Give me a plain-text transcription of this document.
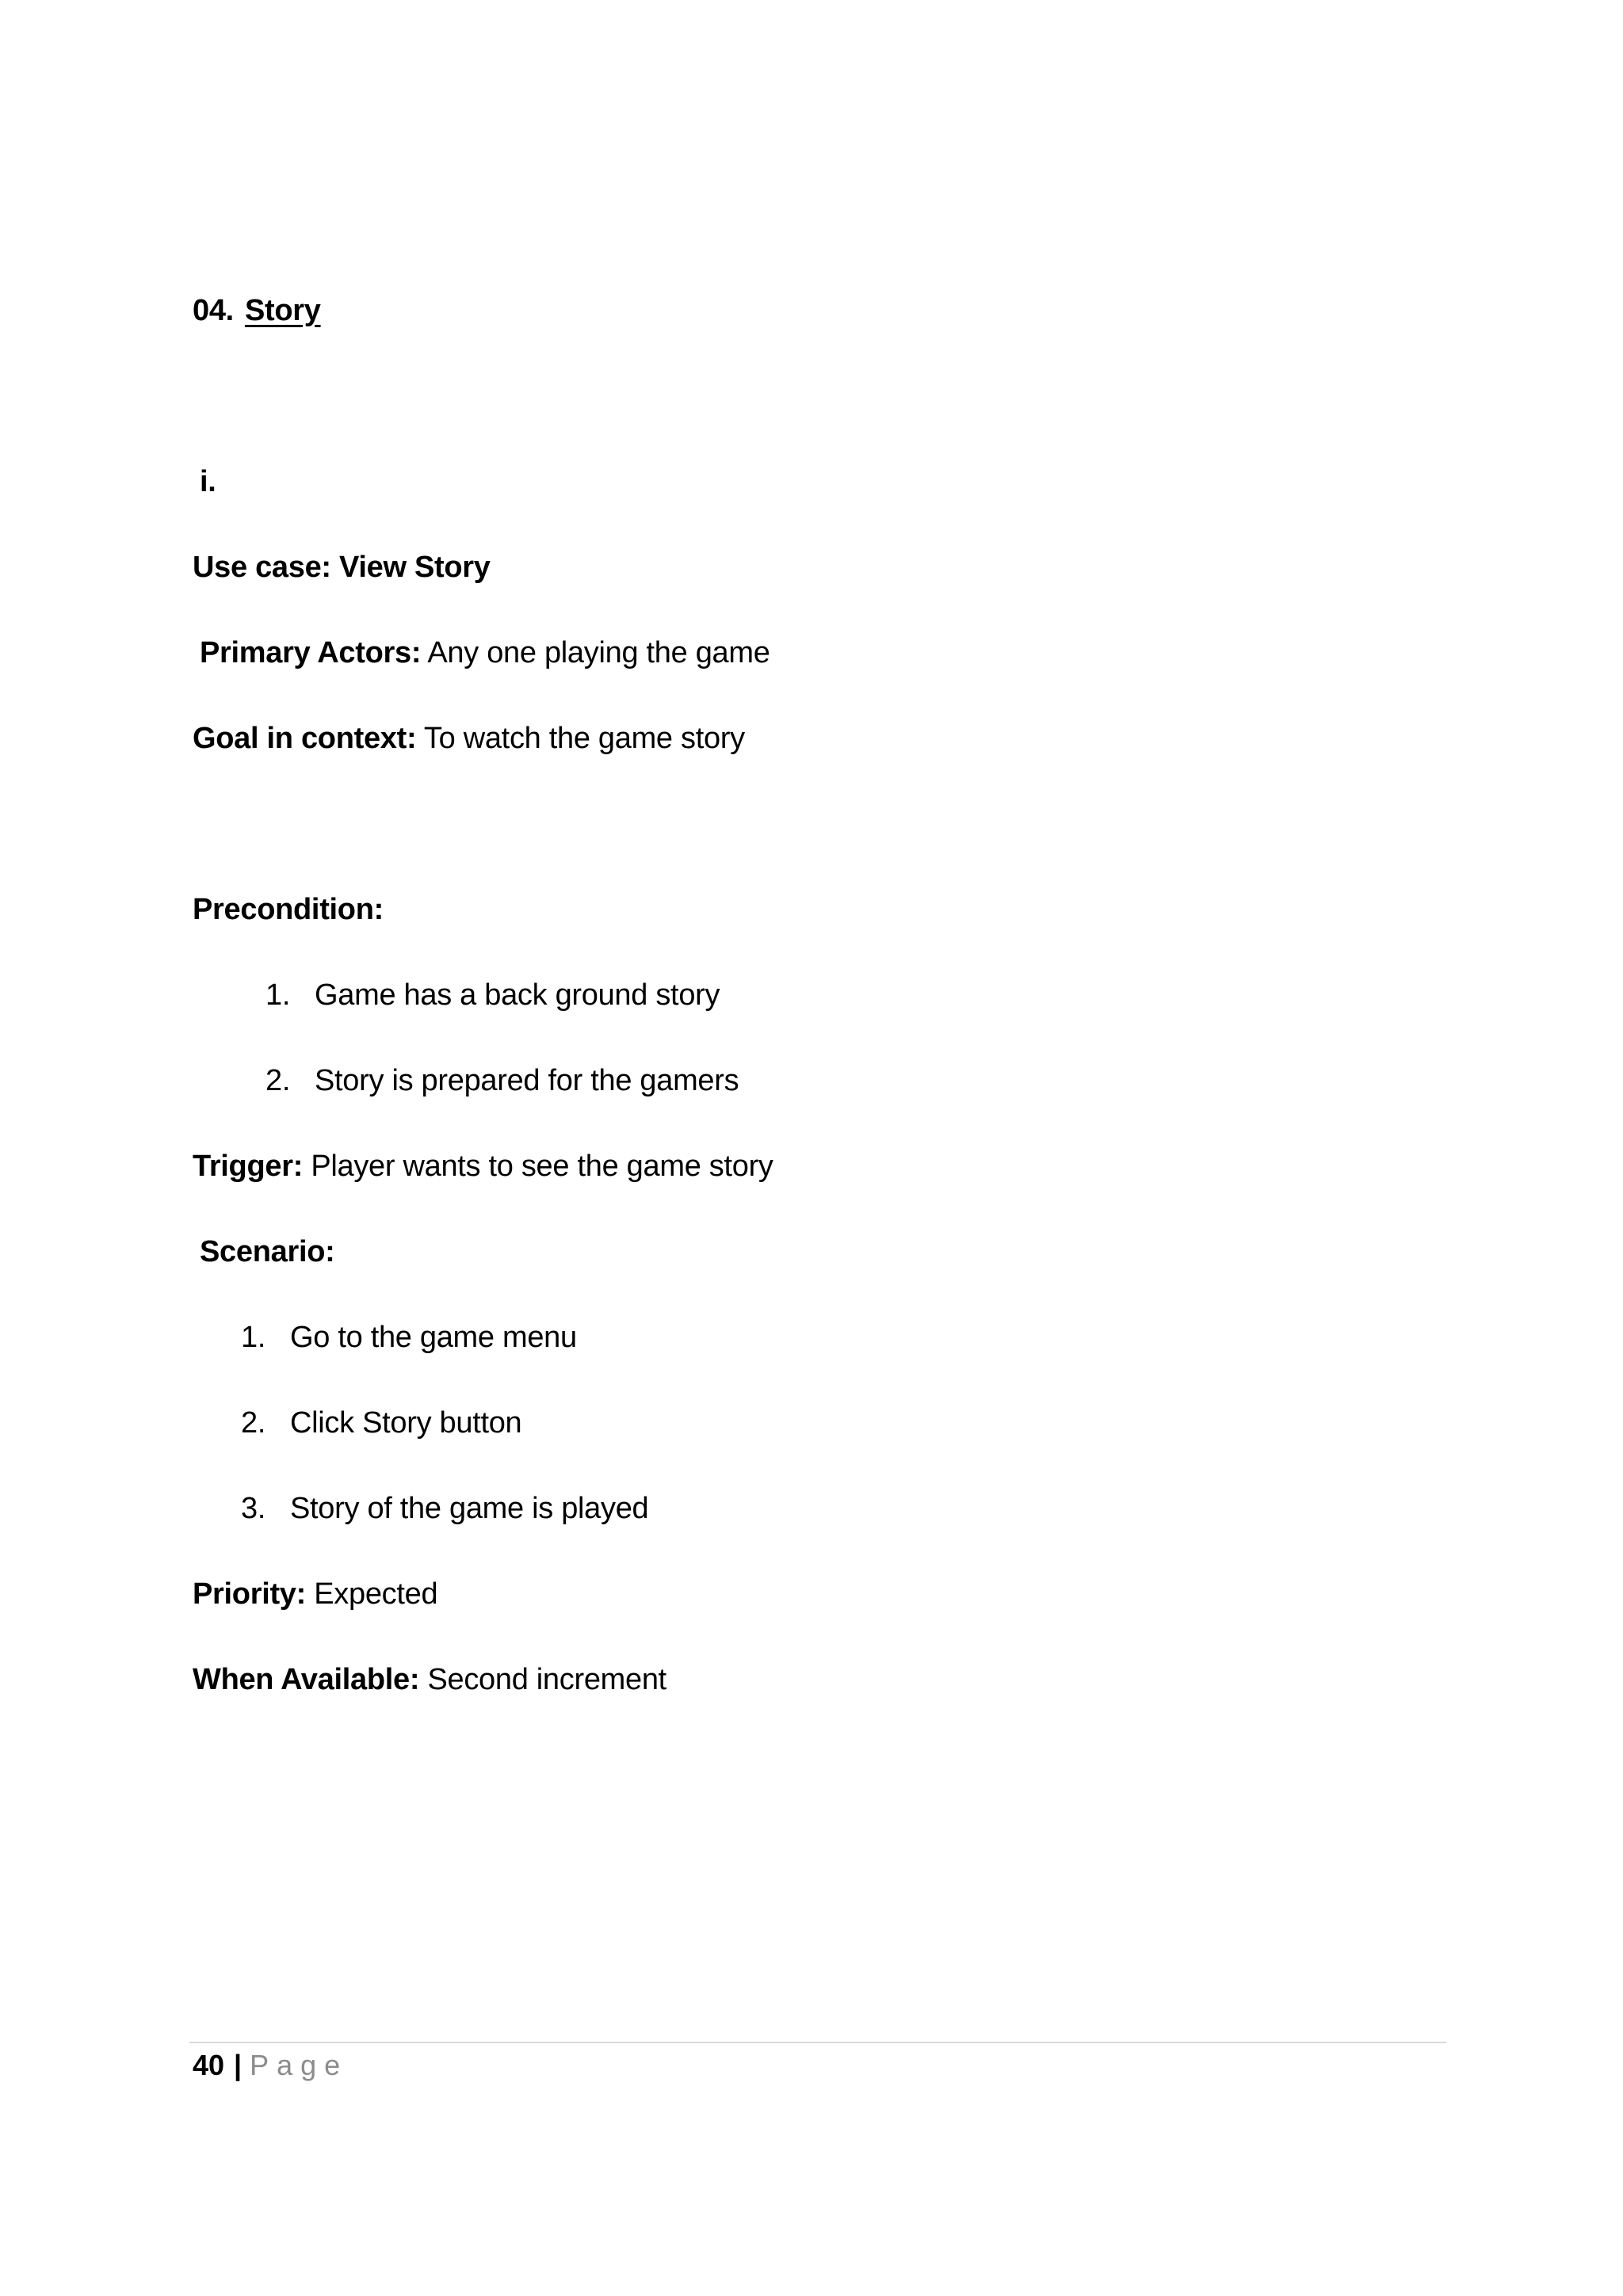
04. Story
i.
Use case: View Story
Primary Actors: Any one playing the game
Goal in context: To watch the game story
Precondition:
1. Game has a back ground story
2. Story is prepared for the gamers
Trigger: Player wants to see the game story
Scenario:
1. Go to the game menu
2. Click Story button
3. Story of the game is played
Priority: Expected
When Available: Second increment
40 | Page
